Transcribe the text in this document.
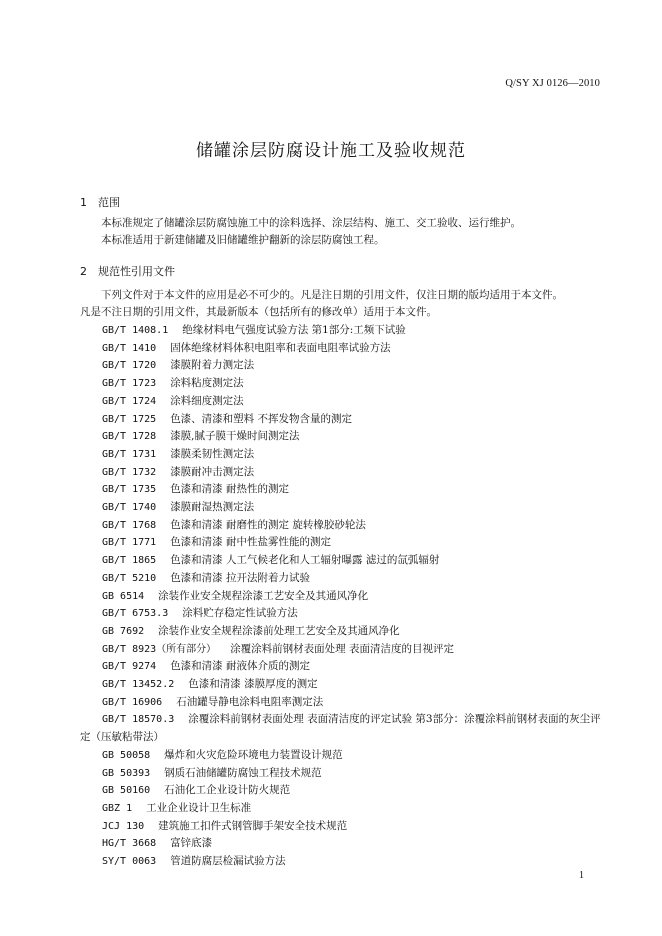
Q/SY XJ 0126—2010
储罐涂层防腐设计施工及验收规范
1 范围
本标准规定了储罐涂层防腐蚀施工中的涂料选择、涂层结构、施工、交工验收、运行维护。
本标准适用于新建储罐及旧储罐维护翻新的涂层防腐蚀工程。
2 规范性引用文件
下列文件对于本文件的应用是必不可少的。凡是注日期的引用文件，仅注日期的版均适用于本文件。
凡是不注日期的引用文件，其最新版本（包括所有的修改单）适用于本文件。
GB/T 1408.1 绝缘材料电气强度试验方法 第1部分:工频下试验
GB/T 1410 固体绝缘材料体积电阻率和表面电阻率试验方法
GB/T 1720 漆膜附着力测定法
GB/T 1723 涂料粘度测定法
GB/T 1724 涂料细度测定法
GB/T 1725 色漆、清漆和塑料 不挥发物含量的测定
GB/T 1728 漆膜,腻子膜干燥时间测定法
GB/T 1731 漆膜柔韧性测定法
GB/T 1732 漆膜耐冲击测定法
GB/T 1735 色漆和清漆 耐热性的测定
GB/T 1740 漆膜耐湿热测定法
GB/T 1768 色漆和清漆 耐磨性的测定 旋转橡胶砂轮法
GB/T 1771 色漆和清漆 耐中性盐雾性能的测定
GB/T 1865 色漆和清漆 人工气候老化和人工辐射曝露 滤过的氙弧辐射
GB/T 5210 色漆和清漆 拉开法附着力试验
GB 6514 涂装作业安全规程涂漆工艺安全及其通风净化
GB/T 6753.3 涂料贮存稳定性试验方法
GB 7692 涂装作业安全规程涂漆前处理工艺安全及其通风净化
GB/T 8923（所有部分） 涂覆涂料前钢材表面处理 表面清洁度的目视评定
GB/T 9274 色漆和清漆 耐液体介质的测定
GB/T 13452.2 色漆和清漆 漆膜厚度的测定
GB/T 16906 石油罐导静电涂料电阻率测定法
GB/T 18570.3 涂覆涂料前钢材表面处理 表面清洁度的评定试验 第3部分：涂覆涂料前钢材表面的灰尘评定（压敏粘带法）
GB 50058 爆炸和火灾危险环境电力装置设计规范
GB 50393 钢质石油储罐防腐蚀工程技术规范
GB 50160 石油化工企业设计防火规范
GBZ 1 工业企业设计卫生标准
JCJ 130 建筑施工扣件式钢管脚手架安全技术规范
HG/T 3668 富锌底漆
SY/T 0063 管道防腐层检漏试验方法
1
